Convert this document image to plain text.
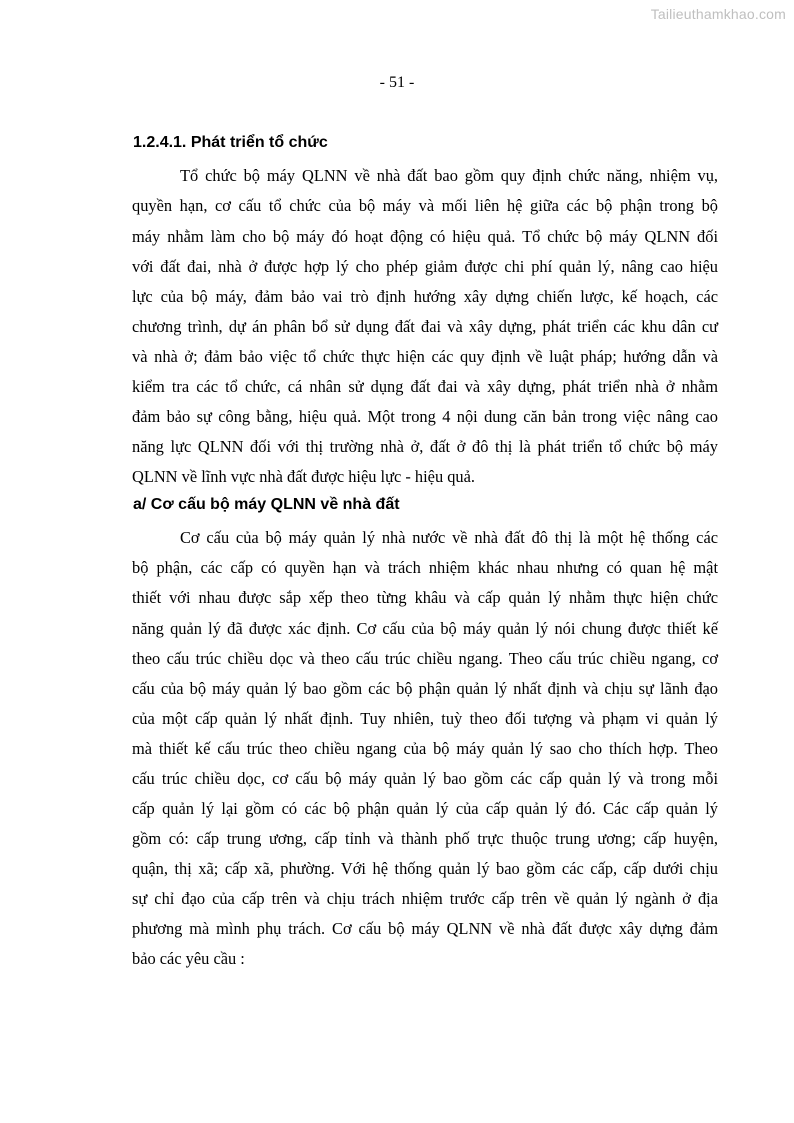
Tailieuthamkhao.com
- 51 -
1.2.4.1. Phát triển tổ chức
Tổ chức bộ máy QLNN về nhà đất bao gồm quy định chức năng, nhiệm vụ,
quyền hạn, cơ cấu tổ chức của bộ máy và mối liên hệ giữa các bộ phận trong bộ
máy nhằm làm cho bộ máy đó hoạt động có hiệu quả. Tổ chức bộ máy QLNN đối
với đất đai, nhà ở được hợp lý cho phép giảm được chi phí quản lý, nâng cao hiệu
lực của bộ máy, đảm bảo vai trò định hướng xây dựng chiến lược, kế hoạch, các
chương trình, dự án phân bổ sử dụng đất đai và xây dựng, phát triển các khu dân cư
và nhà ở; đảm bảo việc tổ chức thực hiện các quy định về luật pháp; hướng dẫn và
kiểm tra các tổ chức, cá nhân sử dụng đất đai và xây dựng, phát triển nhà ở nhằm
đảm bảo sự công bằng, hiệu quả. Một trong 4 nội dung căn bản trong việc nâng cao
năng lực QLNN đối với thị trường nhà ở, đất ở đô thị là phát triển tổ chức bộ máy
QLNN về lĩnh vực nhà đất được hiệu lực - hiệu quả.
a/ Cơ cấu bộ máy QLNN về nhà đất
Cơ cấu của bộ máy quản lý nhà nước về nhà đất đô thị là một hệ thống các
bộ phận, các cấp có quyền hạn và trách nhiệm khác nhau nhưng có quan hệ mật
thiết với nhau được sắp xếp theo từng khâu và cấp quản lý nhằm thực hiện chức
năng quản lý đã được xác định. Cơ cấu của bộ máy quản lý nói chung được thiết kế
theo cấu trúc chiều dọc và theo cấu trúc chiều ngang. Theo cấu trúc chiều ngang, cơ
cấu của bộ máy quản lý bao gồm các bộ phận quản lý nhất định và chịu sự lãnh đạo
của một cấp quản lý nhất định. Tuy nhiên, tuỳ theo đối tượng và phạm vi quản lý
mà thiết kế cấu trúc theo chiều ngang của bộ máy quản lý sao cho thích hợp. Theo
cấu trúc chiều dọc, cơ cấu bộ máy quản lý bao gồm các cấp quản lý và trong mỗi
cấp quản lý lại gồm có các bộ phận quản lý của cấp quản lý đó. Các cấp quản lý
gồm có: cấp trung ương, cấp tỉnh và thành phố trực thuộc trung ương; cấp huyện,
quận, thị xã; cấp xã, phường. Với hệ thống quản lý bao gồm các cấp, cấp dưới chịu
sự chỉ đạo của cấp trên và chịu trách nhiệm trước cấp trên về quản lý ngành ở địa
phương mà mình phụ trách. Cơ cấu bộ máy QLNN về nhà đất được xây dựng đảm
bảo các yêu cầu :
